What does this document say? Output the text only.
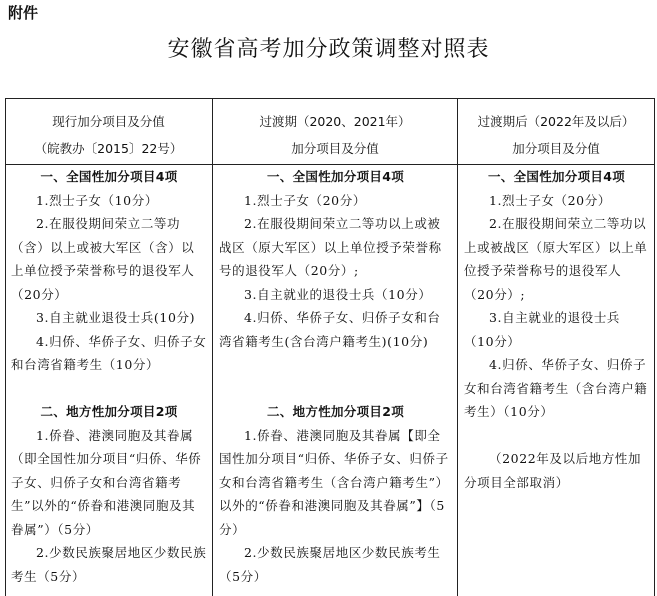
附件
安徽省高考加分政策调整对照表
现行加分项目及分值
（皖教办〔2015〕22号）
过渡期（2020、2021年）
加分项目及分值
过渡期后（2022年及以后）
加分项目及分值

一、全国性加分项目4项

1.烈士子女（10分）

2.在服役期间荣立二等功（含）以上或被大军区（含）以上单位授予荣誉称号的退役军人（20分）

3.自主就业退役士兵(10分)

4.归侨、华侨子女、归侨子女和台湾省籍考生（10分）

二、地方性加分项目2项

1.侨眷、港澳同胞及其眷属（即全国性加分项目“归侨、华侨子女、归侨子女和台湾省籍考生”以外的“侨眷和港澳同胞及其眷属”）（5分）

2.少数民族聚居地区少数民族考生（5分）

一、全国性加分项目4项

1.烈士子女（20分）

2.在服役期间荣立二等功以上或被战区（原大军区）以上单位授予荣誉称号的退役军人（20分）;

3.自主就业的退役士兵（10分）

4.归侨、华侨子女、归侨子女和台湾省籍考生(含台湾户籍考生)(10分)

二、地方性加分项目2项

1.侨眷、港澳同胞及其眷属【即全国性加分项目“归侨、华侨子女、归侨子女和台湾省籍考生（含台湾户籍考生”）以外的“侨眷和港澳同胞及其眷属”】（5分）

2.少数民族聚居地区少数民族考生（5分）

一、全国性加分项目4项

1.烈士子女（20分）

2.在服役期间荣立二等功以上或被战区（原大军区）以上单位授予荣誉称号的退役军人（20分）;

3.自主就业的退役士兵（10分）

4.归侨、华侨子女、归侨子女和台湾省籍考生（含台湾户籍考生）（10分）

（2022年及以后地方性加分项目全部取消）
